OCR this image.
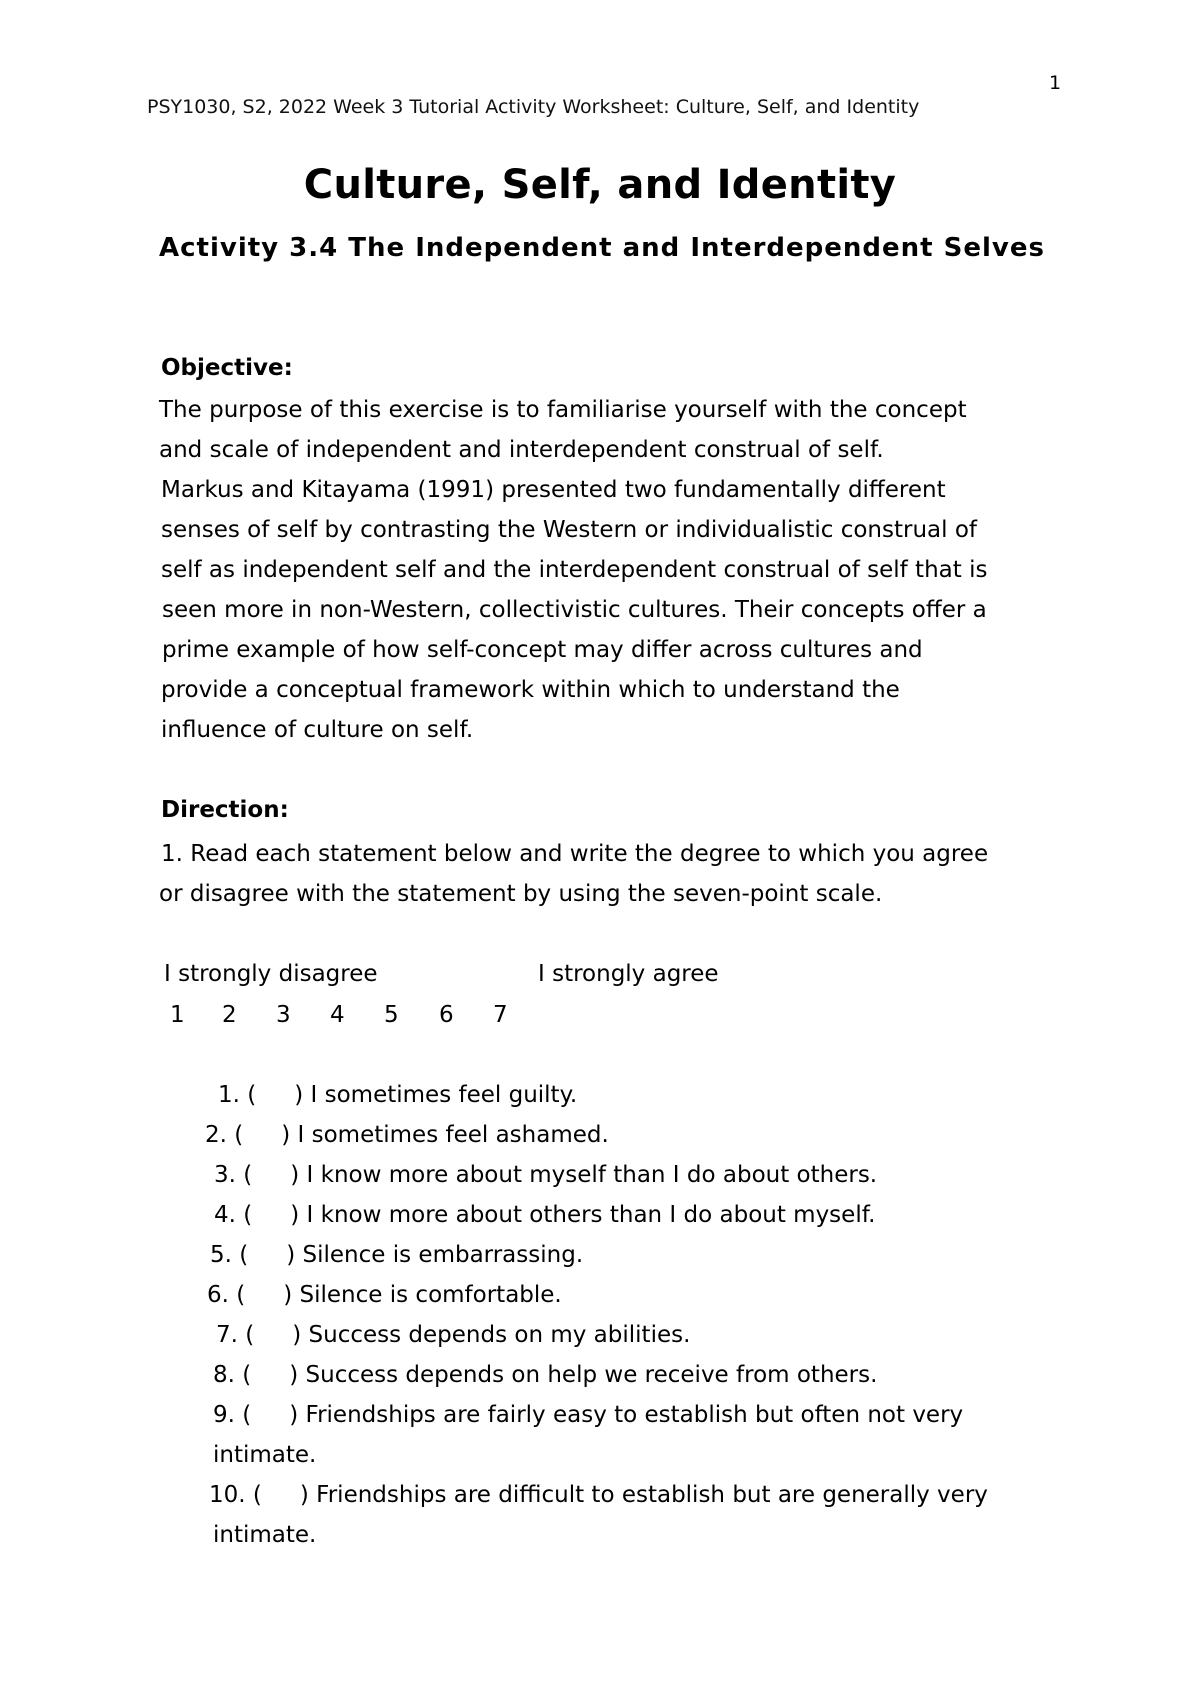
1
PSY1030, S2, 2022 Week 3 Tutorial Activity Worksheet: Culture, Self, and Identity
Culture, Self, and Identity
Activity 3.4 The Independent and Interdependent Selves
Objective:
The purpose of this exercise is to familiarise yourself with the concept
and scale of independent and interdependent construal of self.
Markus and Kitayama (1991) presented two fundamentally different
senses of self by contrasting the Western or individualistic construal of
self as independent self and the interdependent construal of self that is
seen more in non-Western, collectivistic cultures. Their concepts offer a
prime example of how self-concept may differ across cultures and
provide a conceptual framework within which to understand the
influence of culture on self.
Direction:
1. Read each statement below and write the degree to which you agree
or disagree with the statement by using the seven-point scale.
I strongly disagree	I strongly agree
1 2 3 4 5 6 7
1. ( ) I sometimes feel guilty.
2. ( ) I sometimes feel ashamed.
3. ( ) I know more about myself than I do about others.
4. ( ) I know more about others than I do about myself.
5. ( ) Silence is embarrassing.
6. ( ) Silence is comfortable.
7. ( ) Success depends on my abilities.
8. ( ) Success depends on help we receive from others.
9. ( ) Friendships are fairly easy to establish but often not very
intimate.
10. ( ) Friendships are difficult to establish but are generally very
intimate.
